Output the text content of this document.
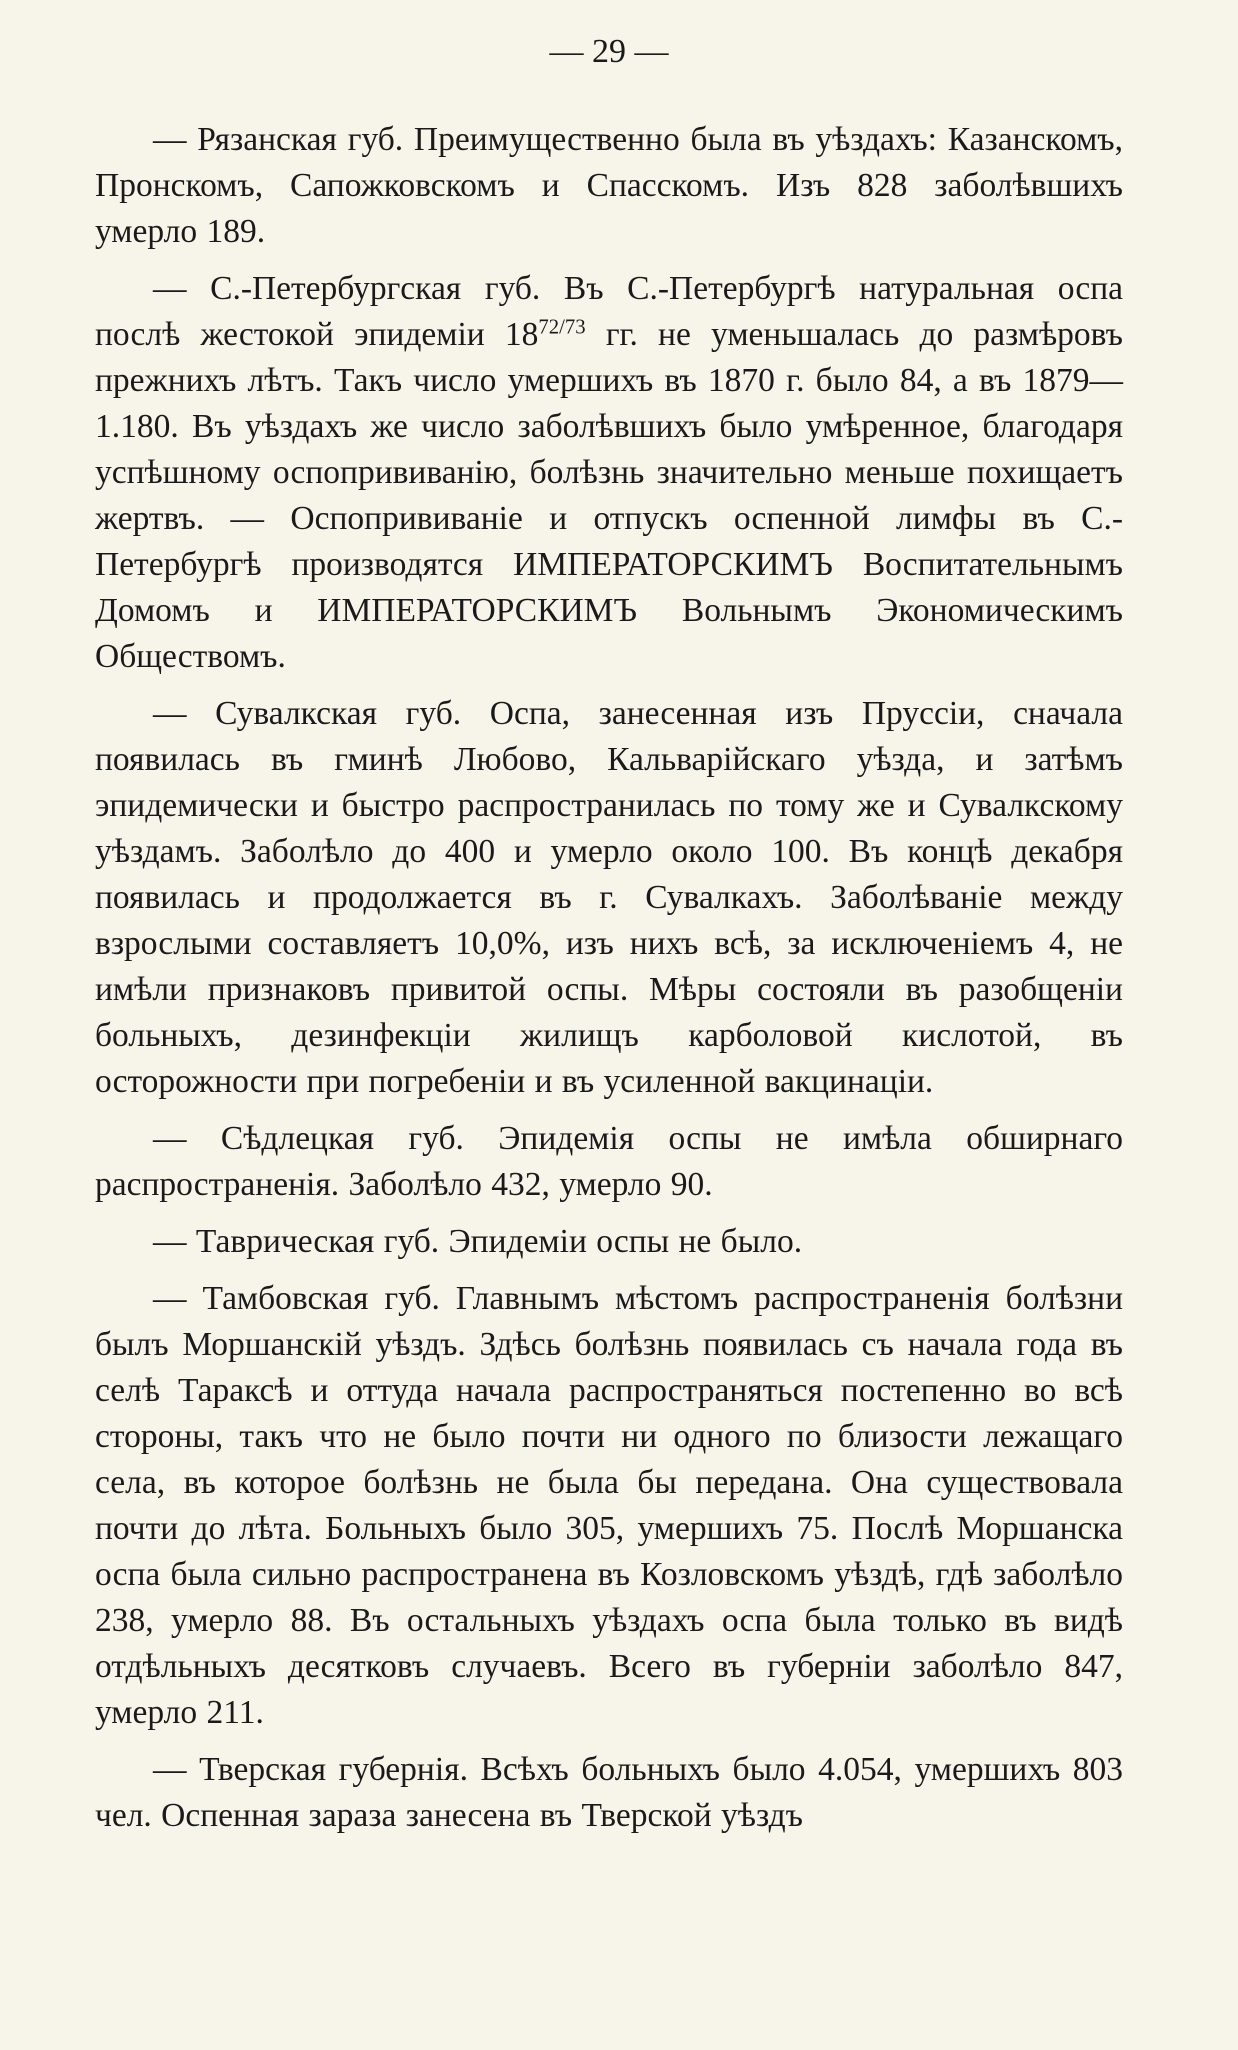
— 29 —

— Рязанская губ. Преимущественно была въ уѣздахъ: Казанскомъ, Пронскомъ, Сапожковскомъ и Спасскомъ. Изъ 828 заболѣвшихъ умерло 189.

— С.-Петербургская губ. Въ С.-Петербургѣ натуральная оспа послѣ жестокой эпидеміи $18^{72/73}$ гг. не уменьшалась до размѣровъ прежнихъ лѣтъ. Такъ число умершихъ въ 1870 г. было 84, а въ 1879—1.180. Въ уѣздахъ же число заболѣвшихъ было умѣренное, благодаря успѣшному оспопрививанію, болѣзнь значительно меньше похищаетъ жертвъ. — Оспопрививаніе и отпускъ оспенной лимфы въ С.-Петербургѣ производятся ИМПЕРАТОРСКИМЪ Воспитательнымъ Домомъ и ИМПЕРАТОРСКИМЪ Вольнымъ Экономическимъ Обществомъ.

— Сувалкская губ. Оспа, занесенная изъ Пруссіи, сначала появилась въ гминѣ Любово, Кальварійскаго уѣзда, и затѣмъ эпидемически и быстро распространилась по тому же и Сувалкскому уѣздамъ. Заболѣло до 400 и умерло около 100. Въ концѣ декабря появилась и продолжается въ г. Сувалкахъ. Заболѣваніе между взрослыми составляетъ 10,0%, изъ нихъ всѣ, за исключеніемъ 4, не имѣли признаковъ привитой оспы. Мѣры состояли въ разобщеніи больныхъ, дезинфекціи жилищъ карболовой кислотой, въ осторожности при погребеніи и въ усиленной вакцинаціи.

— Сѣдлецкая губ. Эпидемія оспы не имѣла обширнаго распространенія. Заболѣло 432, умерло 90.

— Таврическая губ. Эпидеміи оспы не было.

— Тамбовская губ. Главнымъ мѣстомъ распространенія болѣзни былъ Моршанскій уѣздъ. Здѣсь болѣзнь появилась съ начала года въ селѣ Тараксѣ и оттуда начала распространяться постепенно во всѣ стороны, такъ что не было почти ни одного по близости лежащаго села, въ которое болѣзнь не была бы передана. Она существовала почти до лѣта. Больныхъ было 305, умершихъ 75. Послѣ Моршанска оспа была сильно распространена въ Козловскомъ уѣздѣ, гдѣ заболѣло 238, умерло 88. Въ остальныхъ уѣздахъ оспа была только въ видѣ отдѣльныхъ десятковъ случаевъ. Всего въ губерніи заболѣло 847, умерло 211.

— Тверская губернія. Всѣхъ больныхъ было 4.054, умершихъ 803 чел. Оспенная зараза занесена въ Тверской уѣздъ
